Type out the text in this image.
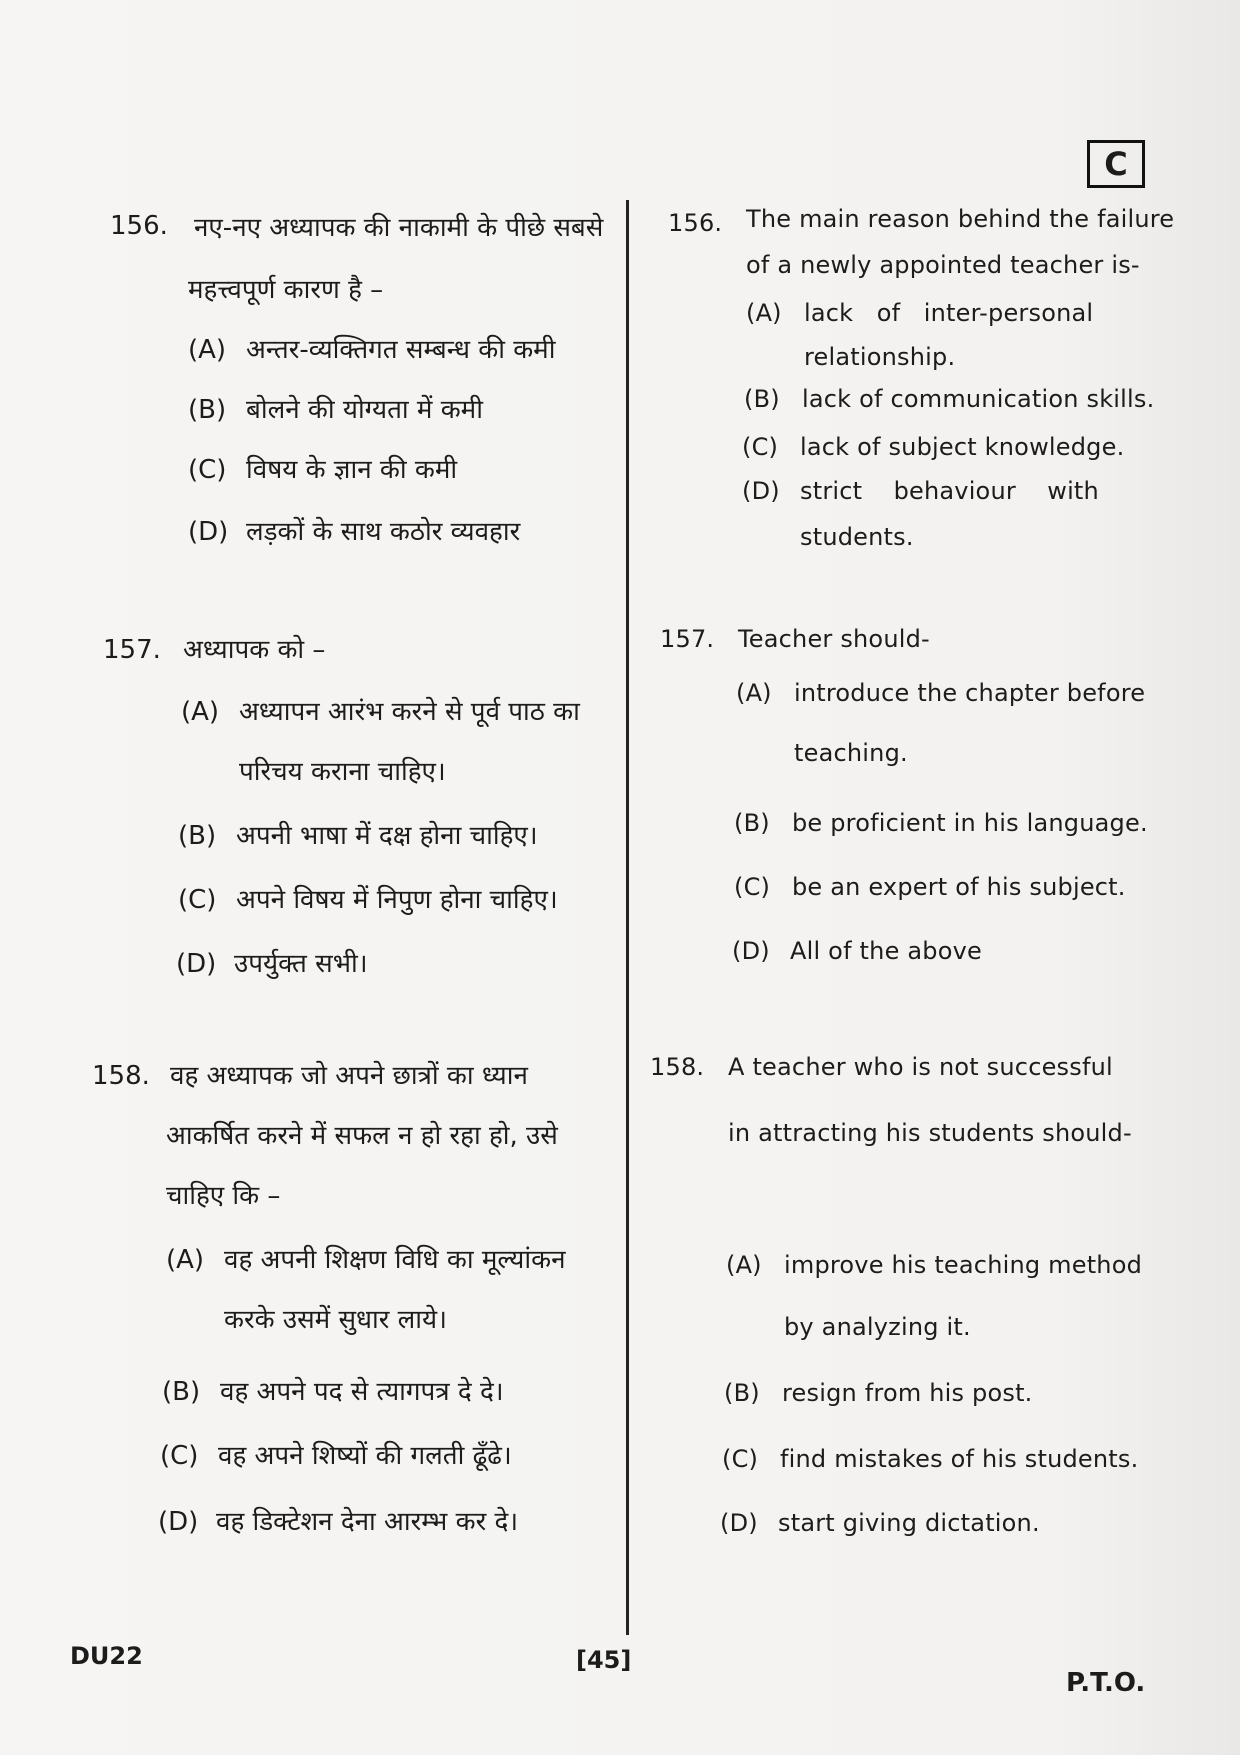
C
156. नए-नए अध्यापक की नाकामी के पीछे सबसे
महत्त्वपूर्ण कारण है –
(A) अन्तर-व्यक्तिगत सम्बन्ध की कमी
(B) बोलने की योग्यता में कमी
(C) विषय के ज्ञान की कमी
(D) लड़कों के साथ कठोर व्यवहार
157. अध्यापक को –
(A) अध्यापन आरंभ करने से पूर्व पाठ का
परिचय कराना चाहिए।
(B) अपनी भाषा में दक्ष होना चाहिए।
(C) अपने विषय में निपुण होना चाहिए।
(D) उपर्युक्त सभी।
158. वह अध्यापक जो अपने छात्रों का ध्यान
आकर्षित करने में सफल न हो रहा हो, उसे
चाहिए कि –
(A) वह अपनी शिक्षण विधि का मूल्यांकन
करके उसमें सुधार लाये।
(B) वह अपने पद से त्यागपत्र दे दे।
(C) वह अपने शिष्यों की गलती ढूँढे।
(D) वह डिक्टेशन देना आरम्भ कर दे।
156. The main reason behind the failure
of a newly appointed teacher is-
(A) lack   of   inter-personal
relationship.
(B) lack of communication skills.
(C) lack of subject knowledge.
(D) strict    behaviour    with
students.
157. Teacher should-
(A) introduce the chapter before
teaching.
(B) be proficient in his language.
(C) be an expert of his subject.
(D) All of the above
158. A teacher who is not successful
in attracting his students should-
(A) improve his teaching method
by analyzing it.
(B) resign from his post.
(C) find mistakes of his students.
(D) start giving dictation.
DU22	[45]
P.T.O.
